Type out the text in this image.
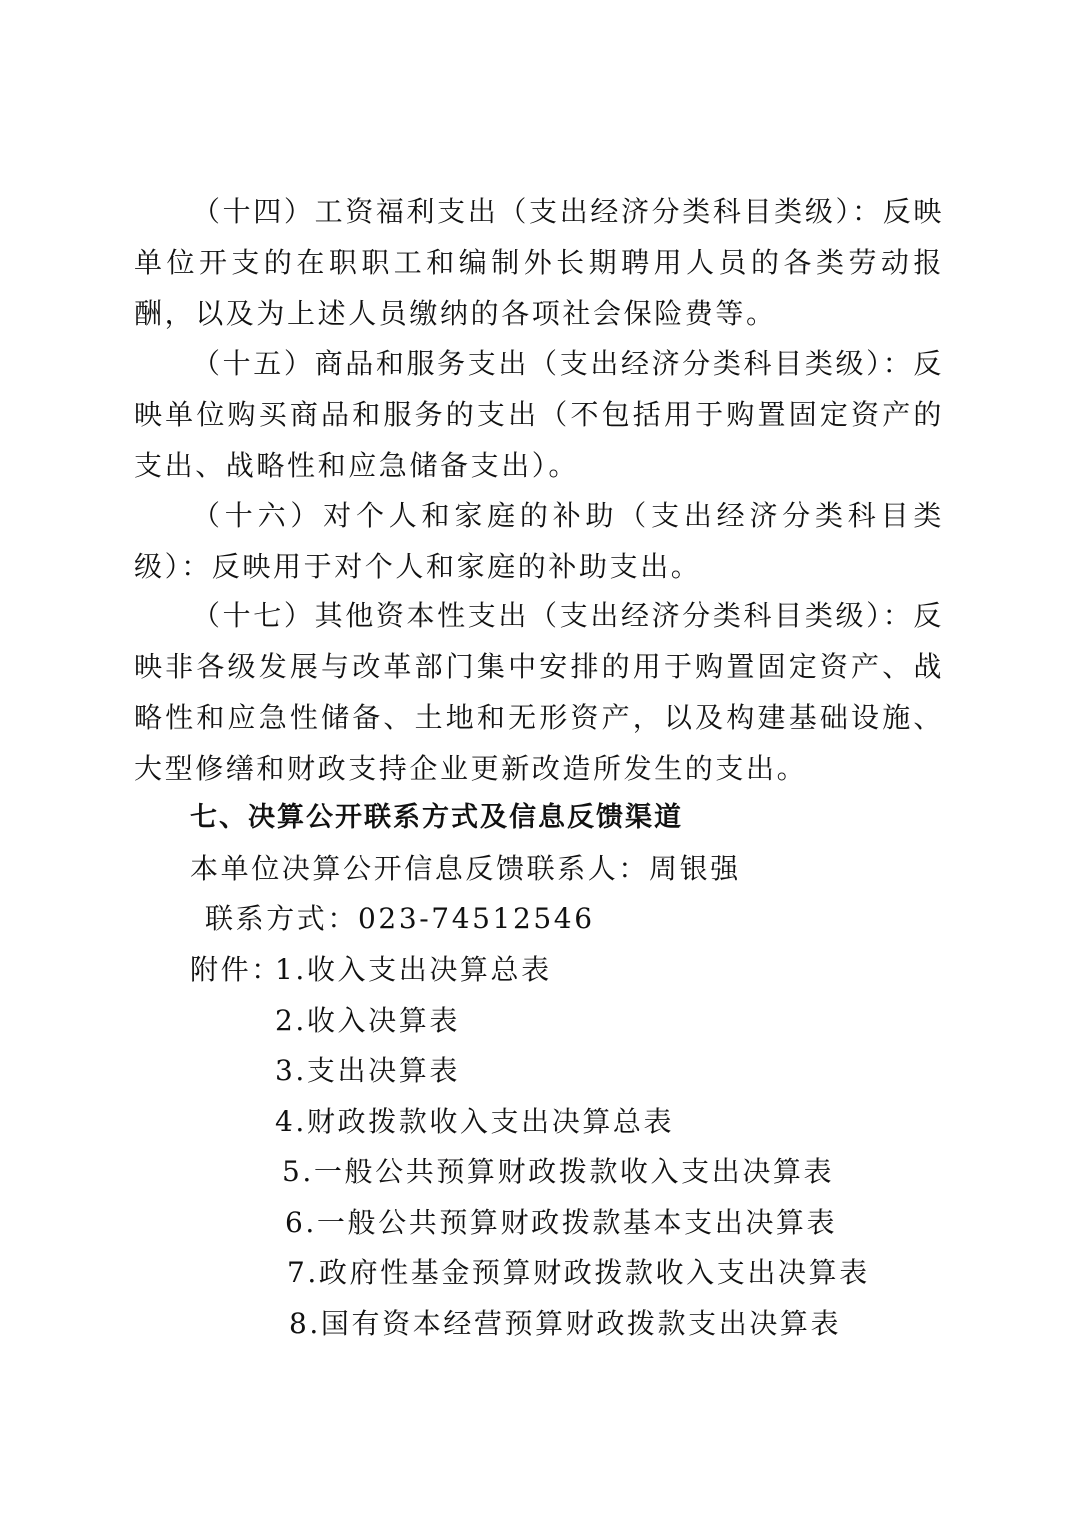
（十四）工资福利支出（支出经济分类科目类级）：反映单位开支的在职职工和编制外长期聘用人员的各类劳动报酬，以及为上述人员缴纳的各项社会保险费等。

（十五）商品和服务支出（支出经济分类科目类级）：反映单位购买商品和服务的支出（不包括用于购置固定资产的支出、战略性和应急储备支出）。

（十六）对个人和家庭的补助（支出经济分类科目类级）：反映用于对个人和家庭的补助支出。

（十七）其他资本性支出（支出经济分类科目类级）：反映非各级发展与改革部门集中安排的用于购置固定资产、战略性和应急性储备、土地和无形资产，以及构建基础设施、大型修缮和财政支持企业更新改造所发生的支出。

七、决算公开联系方式及信息反馈渠道

本单位决算公开信息反馈联系人：周银强

联系方式：023-74512546

附件：

1.收入支出决算总表

2.收入决算表

3.支出决算表

4.财政拨款收入支出决算总表

5.一般公共预算财政拨款收入支出决算表

6.一般公共预算财政拨款基本支出决算表

7.政府性基金预算财政拨款收入支出决算表

8.国有资本经营预算财政拨款支出决算表
